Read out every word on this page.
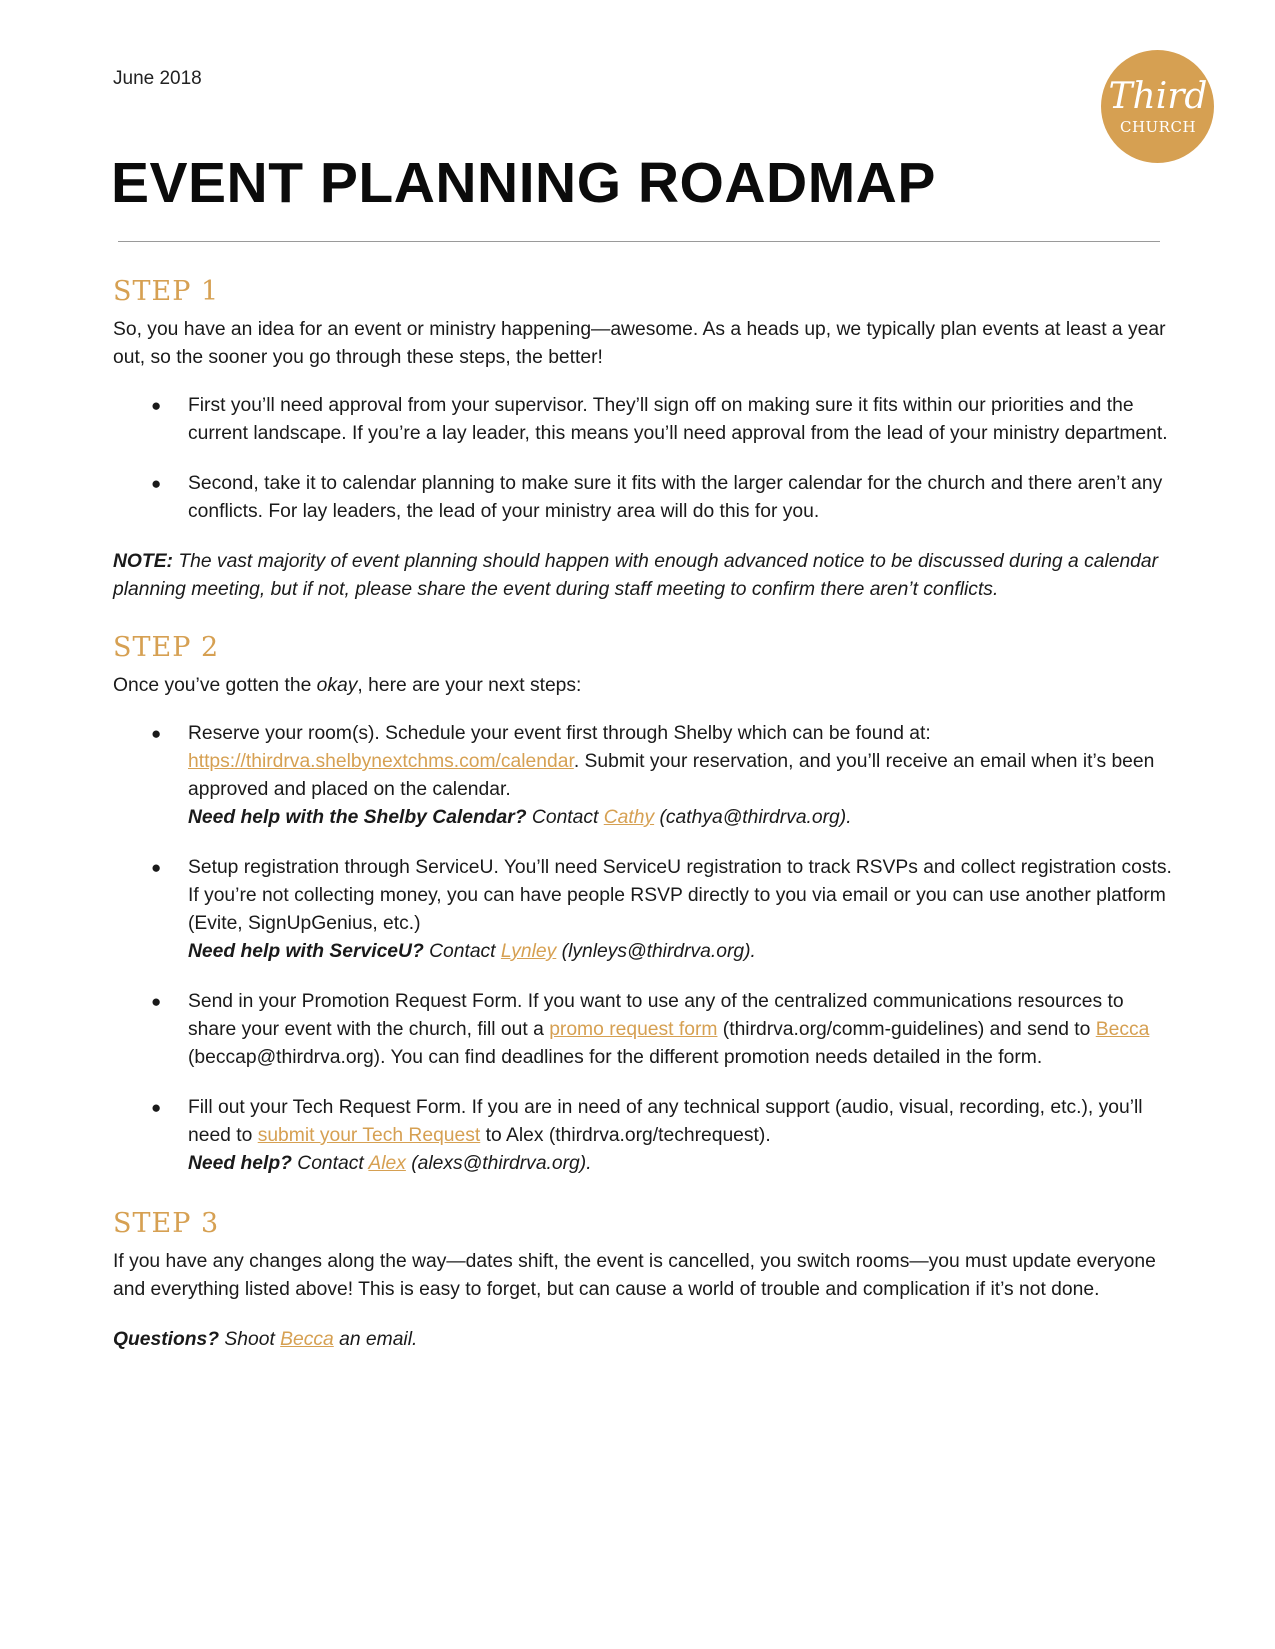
June 2018	Third
CHURCH
EVENT PLANNING ROADMAP
STEP 1

So, you have an idea for an event or ministry happening—awesome. As a heads up, we typically plan events at least a year out, so the sooner you go through these steps, the better!

● First you’ll need approval from your supervisor. They’ll sign off on making sure it fits within our priorities and the current landscape. If you’re a lay leader, this means you’ll need approval from the lead of your ministry department.
● Second, take it to calendar planning to make sure it fits with the larger calendar for the church and there aren’t any conflicts. For lay leaders, the lead of your ministry area will do this for you.

NOTE: The vast majority of event planning should happen with enough advanced notice to be discussed during a calendar planning meeting, but if not, please share the event during staff meeting to confirm there aren’t conflicts.

STEP 2

Once you’ve gotten the okay, here are your next steps:

● Reserve your room(s). Schedule your event first through Shelby which can be found at: https://thirdrva.shelbynextchms.com/calendar. Submit your reservation, and you’ll receive an email when it’s been approved and placed on the calendar.
Need help with the Shelby Calendar? Contact Cathy (cathya@thirdrva.org).
● Setup registration through ServiceU. You’ll need ServiceU registration to track RSVPs and collect registration costs. If you’re not collecting money, you can have people RSVP directly to you via email or you can use another platform (Evite, SignUpGenius, etc.)
Need help with ServiceU? Contact Lynley (lynleys@thirdrva.org).
● Send in your Promotion Request Form. If you want to use any of the centralized communications resources to share your event with the church, fill out a promo request form (thirdrva.org/comm-guidelines) and send to Becca (beccap@thirdrva.org). You can find deadlines for the different promotion needs detailed in the form.
● Fill out your Tech Request Form. If you are in need of any technical support (audio, visual, recording, etc.), you’ll need to submit your Tech Request to Alex (thirdrva.org/techrequest).
Need help? Contact Alex (alexs@thirdrva.org).
STEP 3

If you have any changes along the way—dates shift, the event is cancelled, you switch rooms—you must update everyone and everything listed above! This is easy to forget, but can cause a world of trouble and complication if it’s not done.

Questions? Shoot Becca an email.
